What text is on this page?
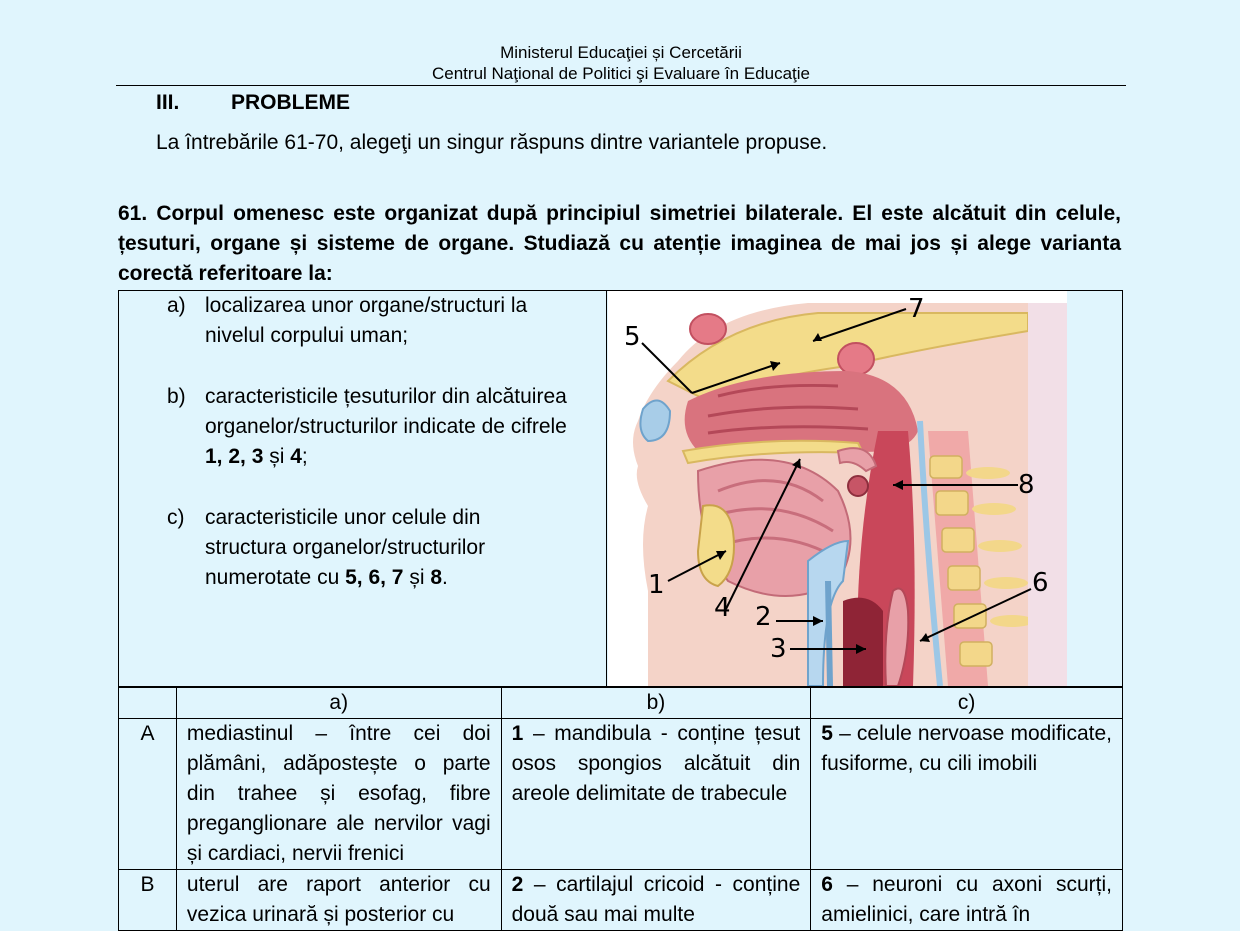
Ministerul Educaţiei și Cercetării
Centrul Naţional de Politici şi Evaluare în Educaţie
III. PROBLEME
La întrebările 61-70, alegeţi un singur răspuns dintre variantele propuse.
61. Corpul omenesc este organizat după principiul simetriei bilaterale. El este alcătuit din celule, țesuturi, organe și sisteme de organe. Studiază cu atenție imaginea de mai jos și alege varianta corectă referitoare la:
a) localizarea unor organe/structuri la nivelul corpului uman;
b) caracteristicile țesuturilor din alcătuirea organelor/structurilor indicate de cifrele 1, 2, 3 și 4;
c) caracteristicile unor celule din structura organelor/structurilor numerotate cu 5, 6, 7 și 8.	1
2
3
4
5
6
7
8
	a)	b)	c)
A	mediastinul – între cei doi plămâni, adăpostește o parte din trahee și esofag, fibre preganglionare ale nervilor vagi și cardiaci, nervii frenici	1 – mandibula - conține țesut osos spongios alcătuit din areole delimitate de trabecule	5 – celule nervoase modificate, fusiforme, cu cili imobili
B	uterul are raport anterior cu vezica urinară și posterior cu	2 – cartilajul cricoid - conține două sau mai multe	6 – neuroni cu axoni scurți, amielinici, care intră în
